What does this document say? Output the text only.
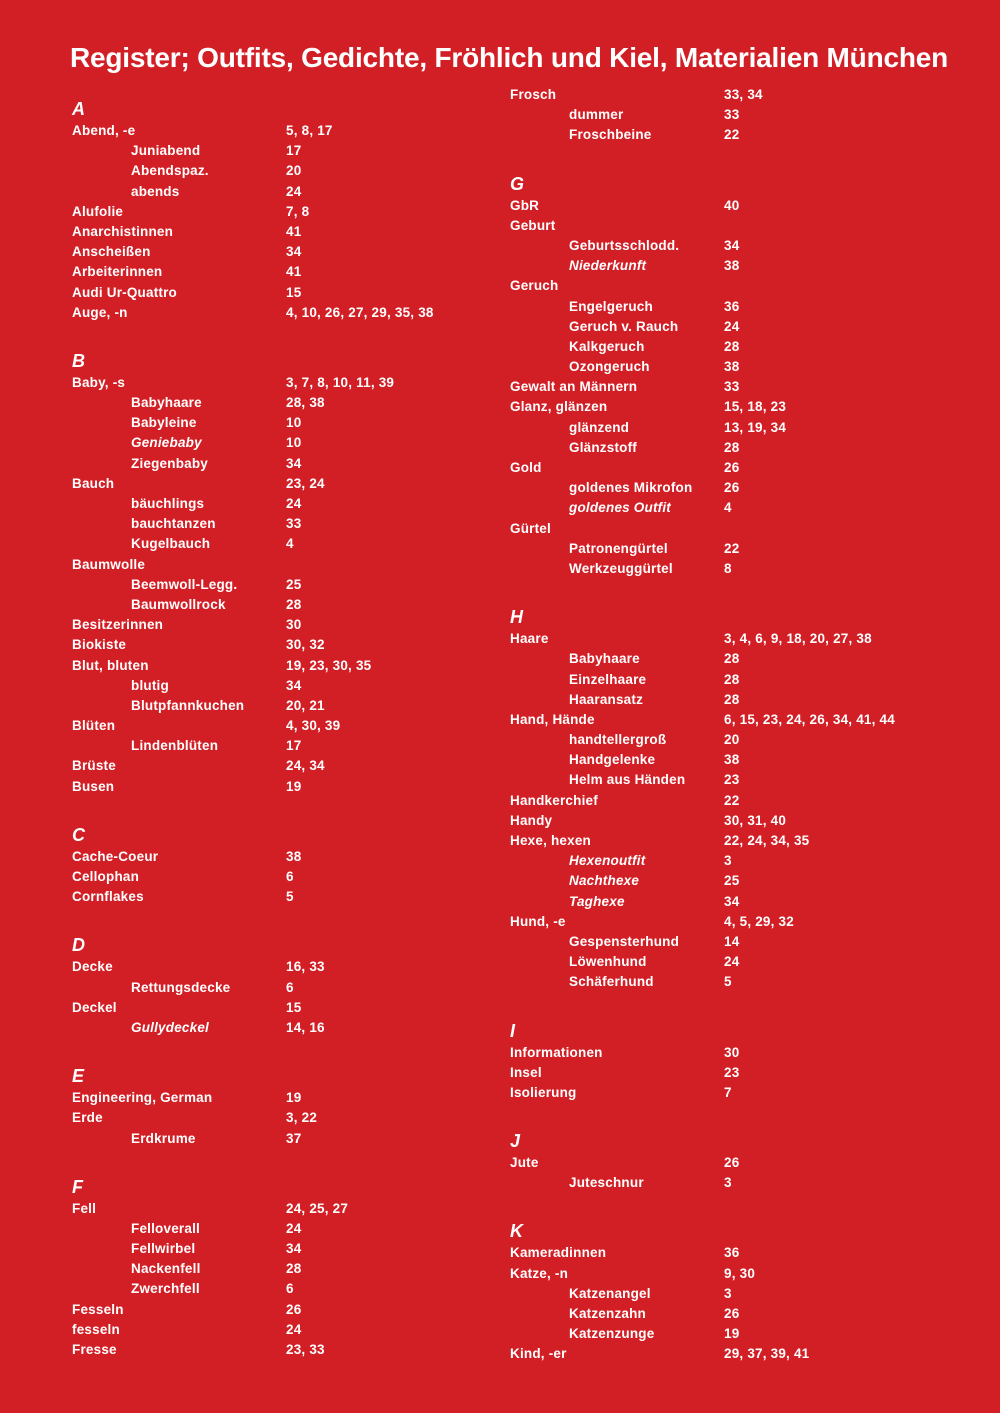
Register; Outfits, Gedichte, Fröhlich und Kiel, Materialien München
A
Abend, -e	5, 8, 17
Juniabend	17
Abendspaz.	20
abends	24
Alufolie	7, 8
Anarchistinnen	41
Anscheißen	34
Arbeiterinnen	41
Audi Ur-Quattro	15
Auge, -n	4, 10, 26, 27, 29, 35, 38
B
Baby, -s	3, 7, 8, 10, 11, 39
Babyhaare	28, 38
Babyleine	10
Geniebaby	10
Ziegenbaby	34
Bauch	23, 24
bäuchlings	24
bauchtanzen	33
Kugelbauch	4
Baumwolle
Beemwoll-Legg.	25
Baumwollrock	28
Besitzerinnen	30
Biokiste	30, 32
Blut, bluten	19, 23, 30, 35
blutig	34
Blutpfannkuchen	20, 21
Blüten	4, 30, 39
Lindenblüten	17
Brüste	24, 34
Busen	19
C
Cache-Coeur	38
Cellophan	6
Cornflakes	5
D
Decke	16, 33
Rettungsdecke	6
Deckel	15
Gullydeckel	14, 16
E
Engineering, German	19
Erde	3, 22
Erdkrume	37
F
Fell	24, 25, 27
Felloverall	24
Fellwirbel	34
Nackenfell	28
Zwerchfell	6
Fesseln	26
fesseln	24
Fresse	23, 33
Frosch	33, 34
dummer	33
Froschbeine	22
G
GbR	40
Geburt
Geburtsschlodd.	34
Niederkunft	38
Geruch
Engelgeruch	36
Geruch v. Rauch	24
Kalkgeruch	28
Ozongeruch	38
Gewalt an Männern	33
Glanz, glänzen	15, 18, 23
glänzend	13, 19, 34
Glänzstoff	28
Gold	26
goldenes Mikrofon	26
goldenes Outfit	4
Gürtel
Patronengürtel	22
Werkzeuggürtel	8
H
Haare	3, 4, 6, 9, 18, 20, 27, 38
Babyhaare	28
Einzelhaare	28
Haaransatz	28
Hand, Hände	6, 15, 23, 24, 26, 34, 41, 44
handtellergroß	20
Handgelenke	38
Helm aus Händen	23
Handkerchief	22
Handy	30, 31, 40
Hexe, hexen	22, 24, 34, 35
Hexenoutfit	3
Nachthexe	25
Taghexe	34
Hund, -e	4, 5, 29, 32
Gespensterhund	14
Löwenhund	24
Schäferhund	5
I
Informationen	30
Insel	23
Isolierung	7
J
Jute	26
Juteschnur	3
K
Kameradinnen	36
Katze, -n	9, 30
Katzenangel	3
Katzenzahn	26
Katzenzunge	19
Kind, -er	29, 37, 39, 41
